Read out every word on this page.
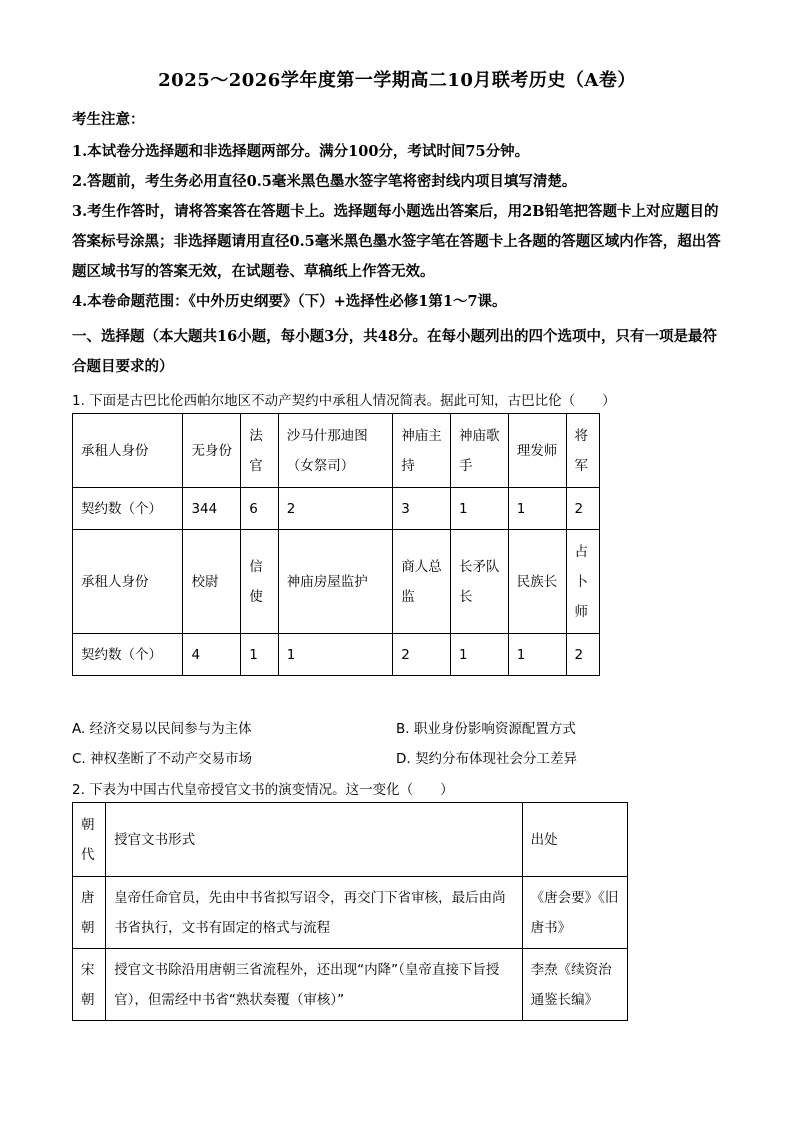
2025～2026学年度第一学期高二10月联考历史（A卷）
考生注意：

1.本试卷分选择题和非选择题两部分。满分100分，考试时间75分钟。

2.答题前，考生务必用直径0.5毫米黑色墨水签字笔将密封线内项目填写清楚。

3.考生作答时，请将答案答在答题卡上。选择题每小题选出答案后，用2B铅笔把答题卡上对应题目的答案标号涂黑；非选择题请用直径0.5毫米黑色墨水签字笔在答题卡上各题的答题区域内作答，超出答题区域书写的答案无效，在试题卷、草稿纸上作答无效。

4.本卷命题范围：《中外历史纲要》（下）+选择性必修1第1～7课。

一、选择题（本大题共16小题，每小题3分，共48分。在每小题列出的四个选项中，只有一项是最符合题目要求的）

1. 下面是古巴比伦西帕尔地区不动产契约中承租人情况简表。据此可知，古巴比伦（　　）
承租人身份	无身份	法官	沙马什那迪图（女祭司）	神庙主持	神庙歌手	理发师	将军
契约数（个）	344	6	2	3	1	1	2
承租人身份	校尉	信使	神庙房屋监护	商人总监	长矛队长	民族长	占卜师
契约数（个）	4	1	1	2	1	1	2
A. 经济交易以民间参与为主体	B. 职业身份影响资源配置方式
C. 神权垄断了不动产交易市场	D. 契约分布体现社会分工差异
2. 下表为中国古代皇帝授官文书的演变情况。这一变化（　　）
朝代	授官文书形式	出处
唐朝	皇帝任命官员，先由中书省拟写诏令，再交门下省审核，最后由尚书省执行，文书有固定的格式与流程	《唐会要》《旧唐书》
宋朝	授官文书除沿用唐朝三省流程外，还出现“内降”（皇帝直接下旨授官），但需经中书省“熟状奏覆（审核）”	李焘《续资治通鉴长编》
